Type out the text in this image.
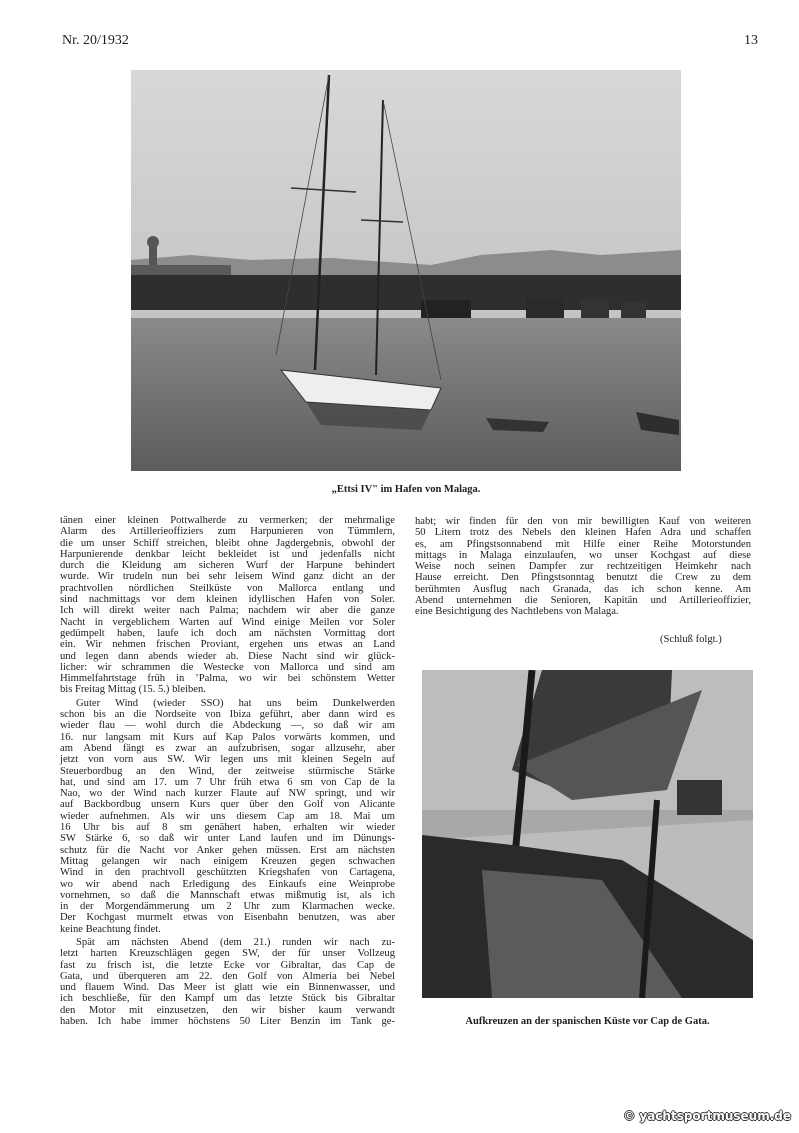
Nr. 20/1932	13
„Ettsi IV" im Hafen von Malaga.
tänen einer kleinen Pottwalherde zu vermerken; der mehrmalige
Alarm des Artillerieoffiziers zum Harpunieren von Tümmlern,
die um unser Schiff streichen, bleibt ohne Jagdergebnis, obwohl der
Harpunierende denkbar leicht bekleidet ist und jedenfalls nicht
durch die Kleidung am sicheren Wurf der Harpune behindert
wurde. Wir trudeln nun bei sehr leisem Wind ganz dicht an der
prachtvollen nördlichen Steilküste von Mallorca entlang und
sind nachmittags vor dem kleinen idyllischen Hafen von Soler.
Ich will direkt weiter nach Palma; nachdem wir aber die ganze
Nacht in vergeblichem Warten auf Wind einige Meilen vor Soler
gedümpelt haben, laufe ich doch am nächsten Vormittag dort
ein. Wir nehmen frischen Proviant, ergehen uns etwas an Land
und legen dann abends wieder ab. Diese Nacht sind wir glück-
licher: wir schrammen die Westecke von Mallorca und sind am
Himmelfahrtstage früh in ʼPalma, wo wir bei schönstem Wetter
bis Freitag Mittag (15. 5.) bleiben.
Guter Wind (wieder SSO) hat uns beim Dunkelwerden
schon bis an die Nordseite von Ibiza geführt, aber dann wird es
wieder flau — wohl durch die Abdeckung —, so daß wir am
16. nur langsam mit Kurs auf Kap Palos vorwärts kommen, und
am Abend fängt es zwar an aufzubrisen, sogar allzusehr, aber
jetzt von vorn aus SW. Wir legen uns mit kleinen Segeln auf
Steuerbordbug an den Wind, der zeitweise stürmische Stärke
hat, und sind am 17. um 7 Uhr früh etwa 6 sm von Cap de la
Nao, wo der Wind nach kurzer Flaute auf NW springt, und wir
auf Backbordbug unsern Kurs quer über den Golf von Alicante
wieder aufnehmen. Als wir uns diesem Cap am 18. Mai um
16 Uhr bis auf 8 sm genähert haben, erhalten wir wieder
SW Stärke 6, so daß wir unter Land laufen und im Dünungs-
schutz für die Nacht vor Anker gehen müssen. Erst am nächsten
Mittag gelangen wir nach einigem Kreuzen gegen schwachen
Wind in den prachtvoll geschützten Kriegshafen von Cartagena,
wo wir abend nach Erledigung des Einkaufs eine Weinprobe
vornehmen, so daß die Mannschaft etwas mißmutig ist, als ich
in der Morgendämmerung um 2 Uhr zum Klarmachen wecke.
Der Kochgast murmelt etwas von Eisenbahn benutzen, was aber
keine Beachtung findet.
Spät am nächsten Abend (dem 21.) runden wir nach zu-
letzt harten Kreuzschlägen gegen SW, der für unser Vollzeug
fast zu frisch ist, die letzte Ecke vor Gibraltar, das Cap de
Gata, und überqueren am 22. den Golf von Almeria bei Nebel
und flauem Wind. Das Meer ist glatt wie ein Binnenwasser, und
ich beschließe, für den Kampf um das letzte Stück bis Gibraltar
den Motor mit einzusetzen, den wir bisher kaum verwandt
haben. Ich habe immer höchstens 50 Liter Benzin im Tank ge-
habt; wir finden für den von mir bewilligten Kauf von weiteren
50 Litern trotz des Nebels den kleinen Hafen Adra und schaffen
es, am Pfingstsonnabend mit Hilfe einer Reihe Motorstunden
mittags in Malaga einzulaufen, wo unser Kochgast auf diese
Weise noch seinen Dampfer zur rechtzeitigen Heimkehr nach
Hause erreicht. Den Pfingstsonntag benutzt die Crew zu dem
berühmten Ausflug nach Granada, das ich schon kenne. Am
Abend unternehmen die Senioren, Kapitän und Artillerieoffizier,
eine Besichtigung des Nachtlebens von Malaga.
(Schluß folgt.)
Aufkreuzen an der spanischen Küste vor Cap de Gata.
© yachtsportmuseum.de
